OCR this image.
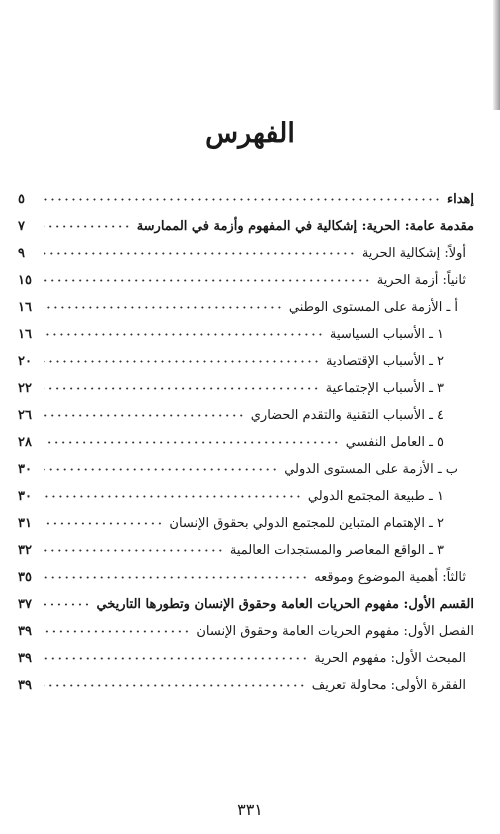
الفهرس
إهداء
٥
مقدمة عامة: الحرية: إشكالية في المفهوم وأزمة في الممارسة
٧
أولاً: إشكالية الحرية
٩
ثانياً: أزمة الحرية
١٥
أ ـ الأزمة على المستوى الوطني
١٦
١ ـ الأسباب السياسية
١٦
٢ ـ الأسباب الإقتصادية
٢٠
٣ ـ الأسباب الإجتماعية
٢٢
٤ ـ الأسباب التقنية والتقدم الحضاري
٢٦
٥ ـ العامل النفسي
٢٨
ب ـ الأزمة على المستوى الدولي
٣٠
١ ـ طبيعة المجتمع الدولي
٣٠
٢ ـ الإهتمام المتباين للمجتمع الدولي بحقوق الإنسان
٣١
٣ ـ الواقع المعاصر والمستجدات العالمية
٣٢
ثالثاً: أهمية الموضوع وموقعه
٣٥
القسم الأول: مفهوم الحريات العامة وحقوق الإنسان وتطورها التاريخي
٣٧
الفصل الأول: مفهوم الحريات العامة وحقوق الإنسان
٣٩
المبحث الأول: مفهوم الحرية
٣٩
الفقرة الأولى: محاولة تعريف
٣٩
٣٣١
